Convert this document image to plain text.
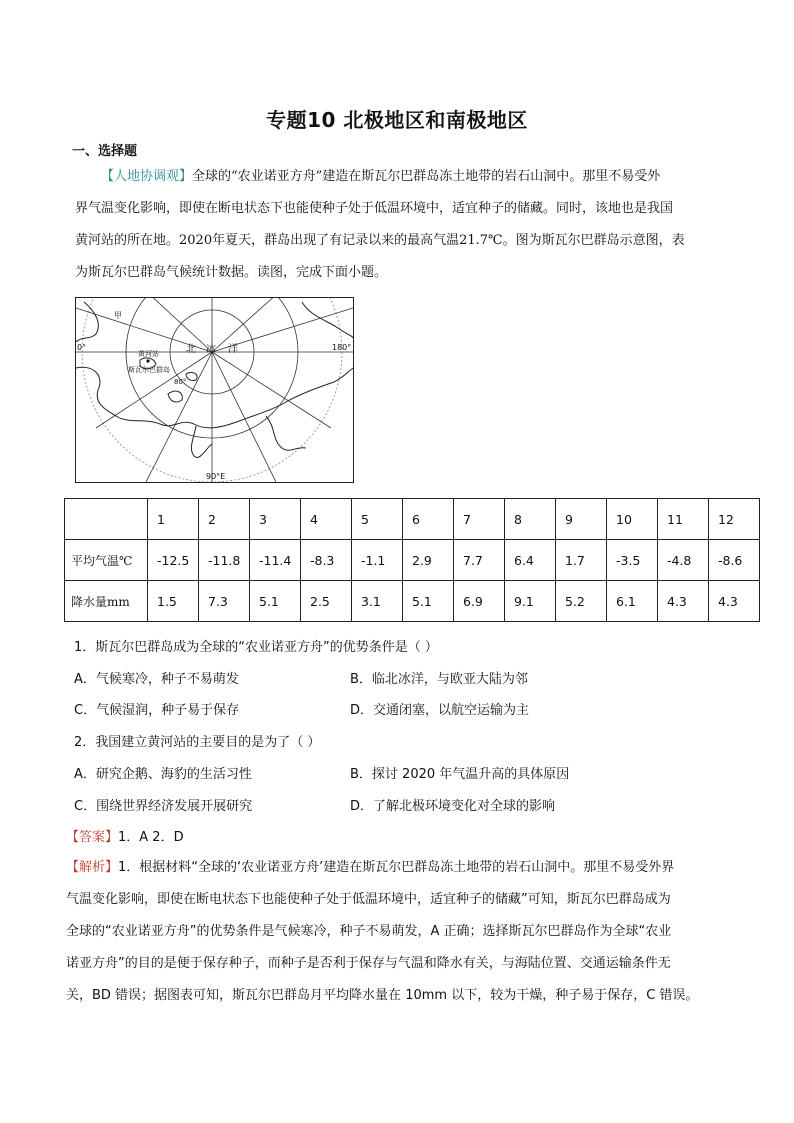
专题10 北极地区和南极地区
一、选择题
【人地协调观】全球的“农业诺亚方舟”建造在斯瓦尔巴群岛冻土地带的岩石山洞中。那里不易受外
界气温变化影响，即使在断电状态下也能使种子处于低温环境中，适宜种子的储藏。同时，该地也是我国
黄河站的所在地。2020年夏天，群岛出现了有记录以来的最高气温21.7℃。图为斯瓦尔巴群岛示意图，表
为斯瓦尔巴群岛气候统计数据。读图，完成下面小题。
甲
北 冰 洋
0°	180°
90°E
80°
黄河站
斯瓦尔巴群岛
	1	2	3	4	5	6	7	8	9	10	11	12
平均气温℃	-12.5	-11.8	-11.4	-8.3	-1.1	2.9	7.7	6.4	1.7	-3.5	-4.8	-8.6
降水量mm	1.5	7.3	5.1	2.5	3.1	5.1	6.9	9.1	5.2	6.1	4.3	4.3
1．斯瓦尔巴群岛成为全球的“农业诺亚方舟”的优势条件是（ ）
A．气候寒冷，种子不易萌发	B．临北冰洋，与欧亚大陆为邻
C．气候湿润，种子易于保存	D．交通闭塞，以航空运输为主
2．我国建立黄河站的主要目的是为了（ ）
A．研究企鹅、海豹的生活习性	B．探讨 2020 年气温升高的具体原因
C．围绕世界经济发展开展研究	D．了解北极环境变化对全球的影响
【答案】1．A 2．D
【解析】1．根据材料“全球的‘农业诺亚方舟’建造在斯瓦尔巴群岛冻土地带的岩石山洞中。那里不易受外界
气温变化影响，即使在断电状态下也能使种子处于低温环境中，适宜种子的储藏”可知，斯瓦尔巴群岛成为
全球的“农业诺亚方舟”的优势条件是气候寒冷，种子不易萌发，A 正确；选择斯瓦尔巴群岛作为全球“农业
诺亚方舟”的目的是便于保存种子，而种子是否利于保存与气温和降水有关，与海陆位置、交通运输条件无
关，BD 错误；据图表可知，斯瓦尔巴群岛月平均降水量在 10mm 以下，较为干燥，种子易于保存，C 错误。
